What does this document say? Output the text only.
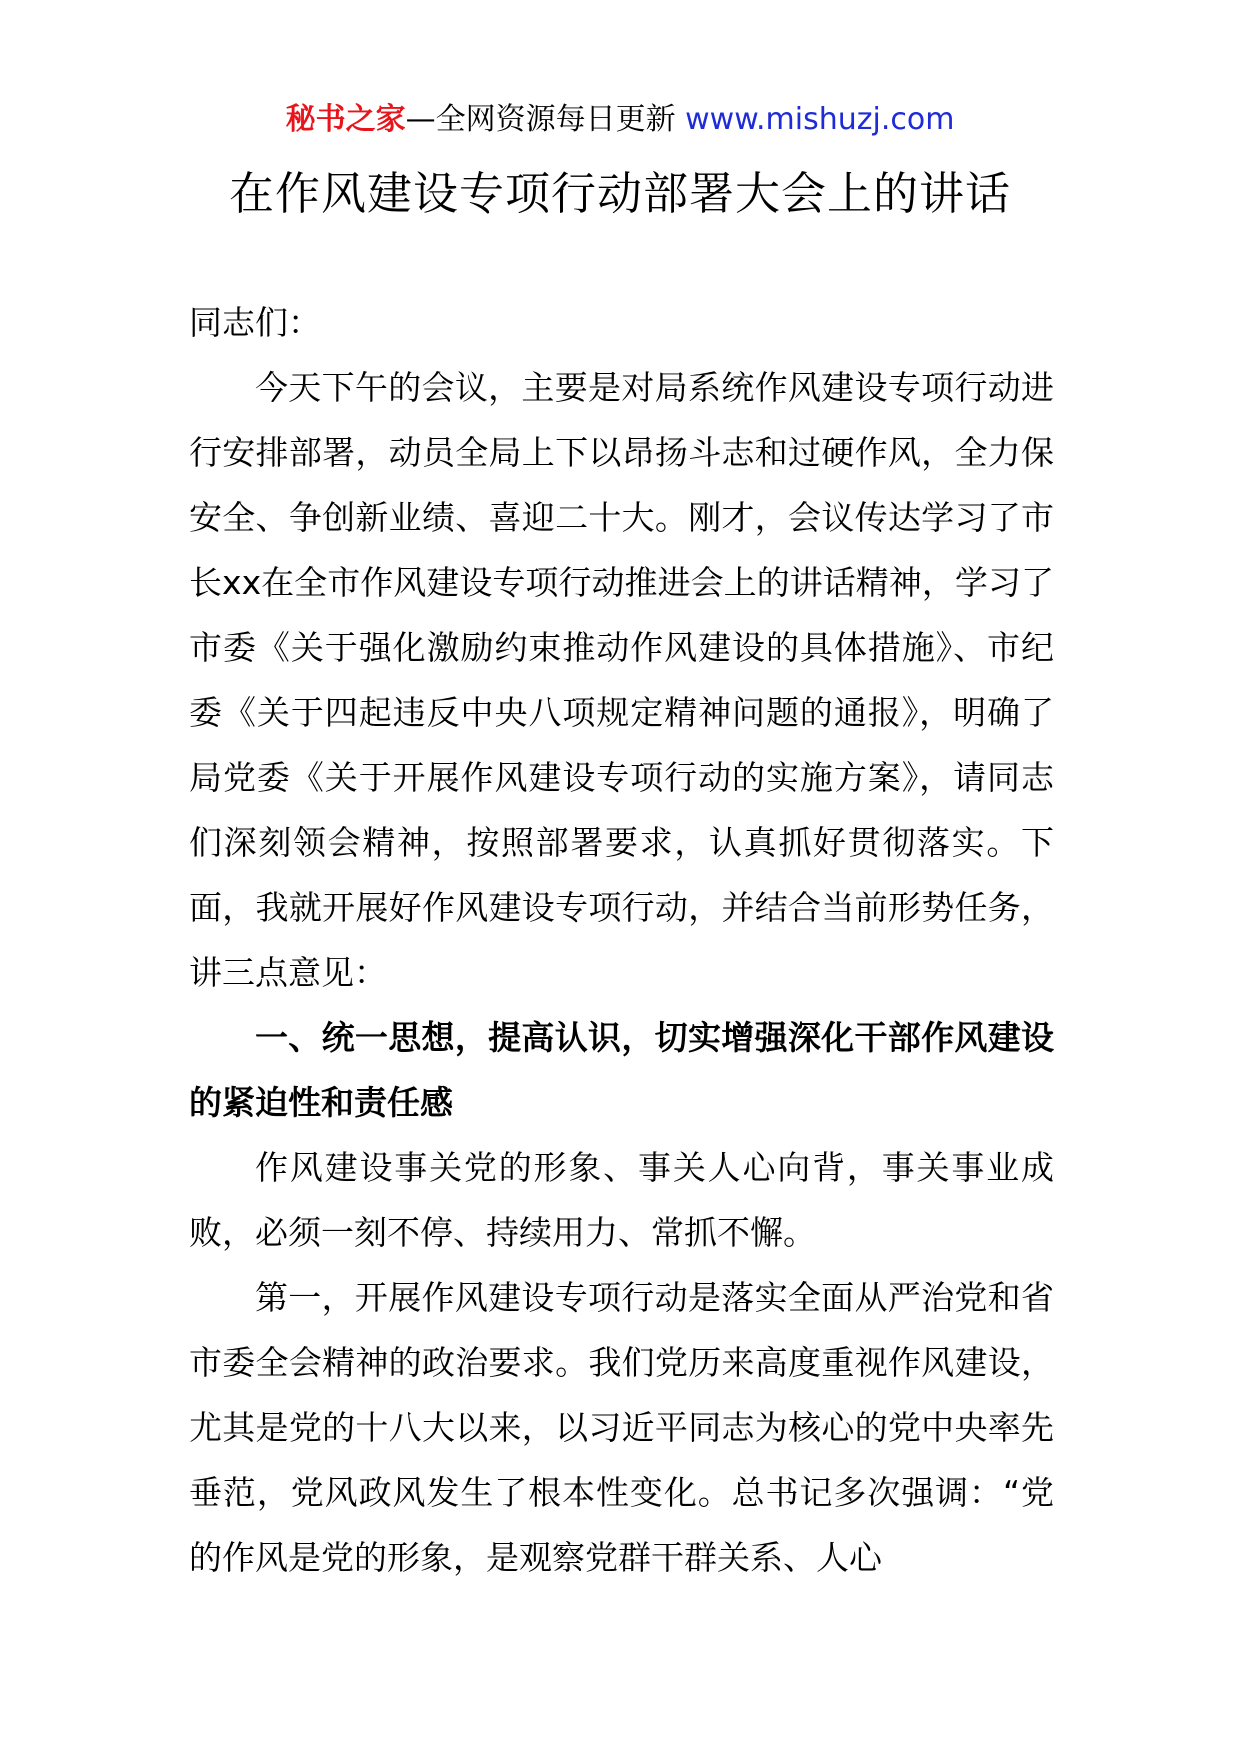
秘书之家—全网资源每日更新 www.mishuzj.com
在作风建设专项行动部署大会上的讲话

同志们：

今天下午的会议，主要是对局系统作风建设专项行动进行安排部署，动员全局上下以昂扬斗志和过硬作风，全力保安全、争创新业绩、喜迎二十大。刚才，会议传达学习了市长xx在全市作风建设专项行动推进会上的讲话精神，学习了市委《关于强化激励约束推动作风建设的具体措施》、市纪委《关于四起违反中央八项规定精神问题的通报》，明确了局党委《关于开展作风建设专项行动的实施方案》，请同志们深刻领会精神，按照部署要求，认真抓好贯彻落实。下面，我就开展好作风建设专项行动，并结合当前形势任务，讲三点意见：

一、统一思想，提高认识，切实增强深化干部作风建设的紧迫性和责任感

作风建设事关党的形象、事关人心向背，事关事业成败，必须一刻不停、持续用力、常抓不懈。

第一，开展作风建设专项行动是落实全面从严治党和省市委全会精神的政治要求。我们党历来高度重视作风建设，尤其是党的十八大以来，以习近平同志为核心的党中央率先垂范，党风政风发生了根本性变化。总书记多次强调：“党的作风是党的形象，是观察党群干群关系、人心
